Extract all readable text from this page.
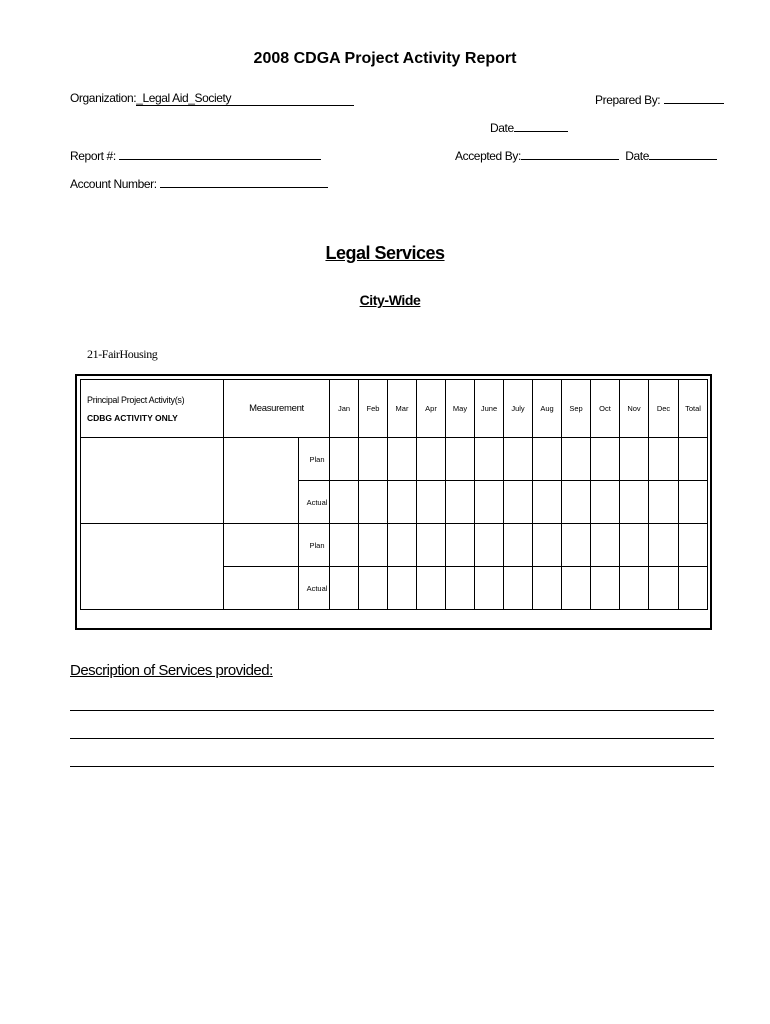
2008 CDGA Project Activity Report
Organization:_Legal Aid_Society	Prepared By:
Date
Report #:	Accepted By:	Date
Account Number:
Legal Services
City-Wide
21-FairHousing
Principal Project Activity(s)
CDBG ACTIVITY ONLY	Measurement		Jan	Feb	Mar	Apr	May	June	July	Aug	Sep	Oct	Nov	Dec	Total
		Plan													
		Actual													
		Plan													
		Actual													
Description of Services provided:
